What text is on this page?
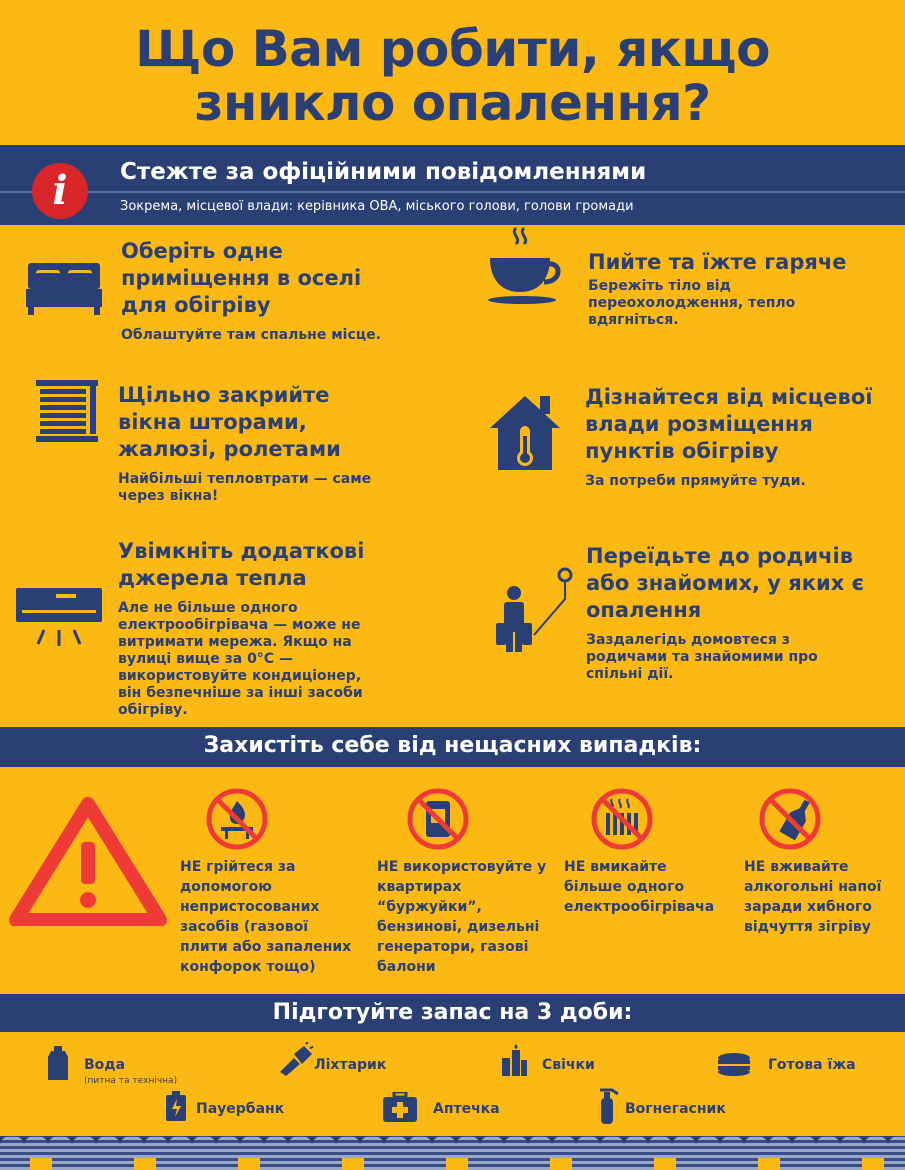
Що Вам робити, якщо
зникло опалення?
Стежте за офіційними повідомленнями
Зокрема, місцевої влади: керівника ОВА, міського голови, голови громади
i
Оберіть одне приміщення в оселі для обігріву
Облаштуйте там спальне місце.
Пийте та їжте гаряче
Бережіть тіло від переохолодження, тепло вдягніться.
Щільно закрийте вікна шторами, жалюзі, ролетами
Найбільші тепловтрати — саме через вікна!
Дізнайтеся від місцевої влади розміщення пунктів обігріву
За потреби прямуйте туди.
Увімкніть додаткові джерела тепла
Але не більше одного електрообігрівача — може не витримати мережа. Якщо на вулиці вище за 0°C — використовуйте кондиціонер, він безпечніше за інші засоби обігріву.
Переїдьте до родичів або знайомих, у яких є опалення
Заздалегідь домовтеся з родичами та знайомими про спільні дії.
Захистіть себе від нещасних випадків:
НЕ грійтеся за допомогою непристосованих засобів (газової плити або запалених конфорок тощо)
НЕ використовуйте у квартирах “буржуйки”, бензинові, дизельні генератори, газові балони
НЕ вмикайте більше одного електрообігрівача
НЕ вживайте алкогольні напої заради хибного відчуття зігріву
Підготуйте запас на 3 доби:
Вода
(питна та технічна)
Ліхтарик	Свічки	Готова їжа
Пауербанк	Аптечка	Вогнегасник
